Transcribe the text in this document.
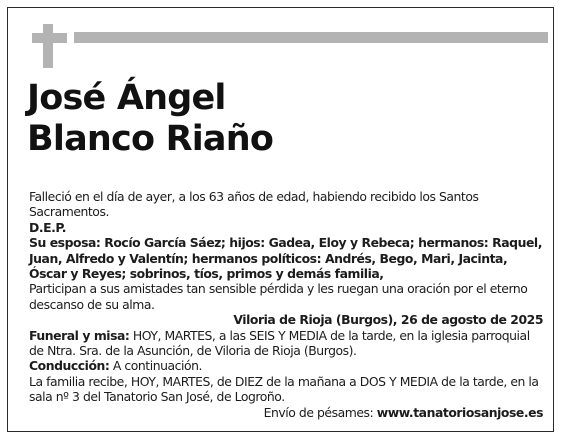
José Ángel
Blanco Riaño

Falleció en el día de ayer, a los 63 años de edad, habiendo recibido los Santos Sacramentos.

D.E.P.

Su esposa: Rocío García Sáez; hijos: Gadea, Eloy y Rebeca; hermanos: Raquel, Juan, Alfredo y Valentín; hermanos políticos: Andrés, Bego, Mari, Jacinta, Óscar y Reyes; sobrinos, tíos, primos y demás familia,

Participan a sus amistades tan sensible pérdida y les ruegan una oración por el eterno descanso de su alma.

Viloria de Rioja (Burgos), 26 de agosto de 2025

Funeral y misa: HOY, MARTES, a las SEIS Y MEDIA de la tarde, en la iglesia parroquial de Ntra. Sra. de la Asunción, de Viloria de Rioja (Burgos).

Conducción: A continuación.

La familia recibe, HOY, MARTES, de DIEZ de la mañana a DOS Y MEDIA de la tarde, en la sala nº 3 del Tanatorio San José, de Logroño.

Envío de pésames: www.tanatoriosanjose.es
